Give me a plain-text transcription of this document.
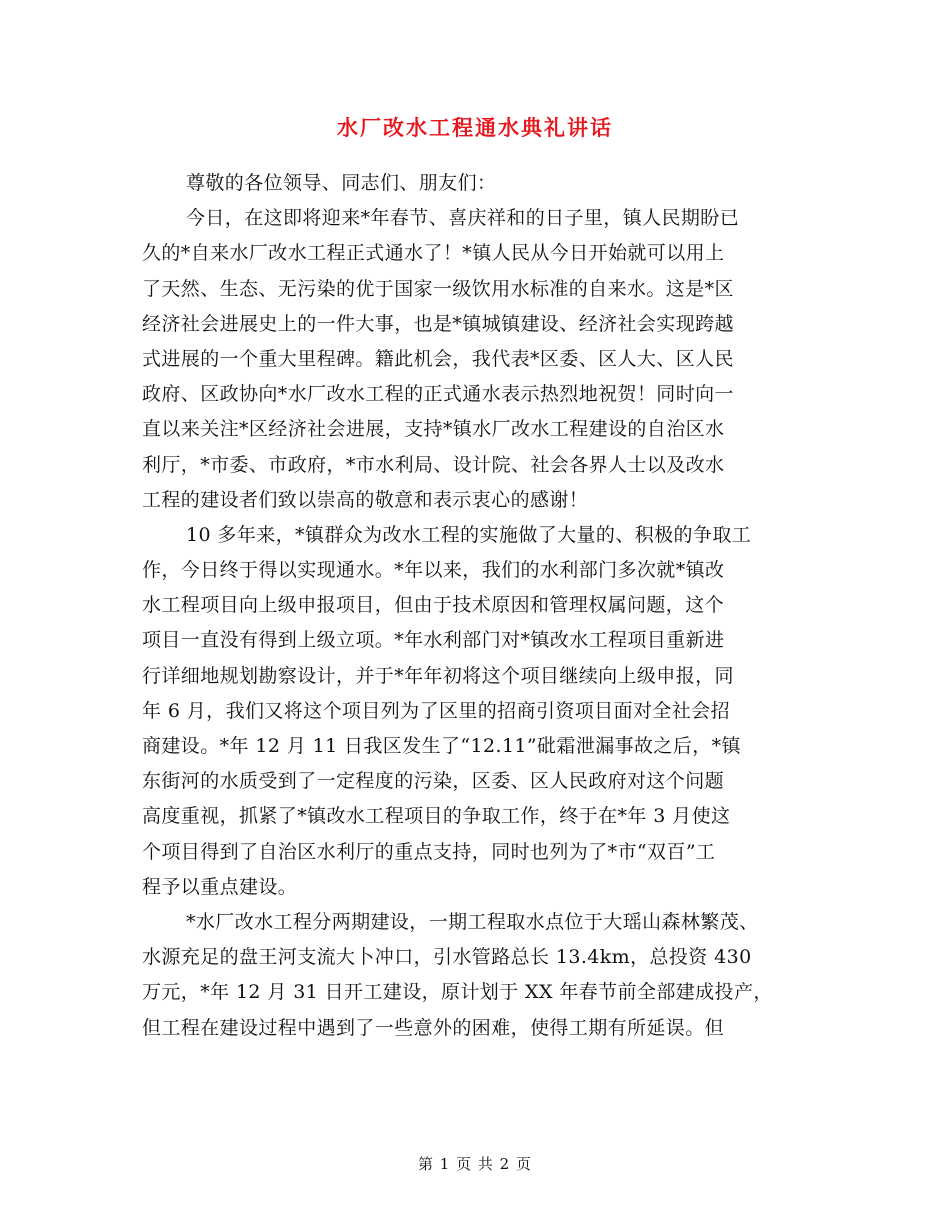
水厂改水工程通水典礼讲话
尊敬的各位领导、同志们、朋友们：
今日，在这即将迎来*年春节、喜庆祥和的日子里，镇人民期盼已
久的*自来水厂改水工程正式通水了！*镇人民从今日开始就可以用上
了天然、生态、无污染的优于国家一级饮用水标准的自来水。这是*区
经济社会进展史上的一件大事，也是*镇城镇建设、经济社会实现跨越
式进展的一个重大里程碑。籍此机会，我代表*区委、区人大、区人民
政府、区政协向*水厂改水工程的正式通水表示热烈地祝贺！同时向一
直以来关注*区经济社会进展，支持*镇水厂改水工程建设的自治区水
利厅，*市委、市政府，*市水利局、设计院、社会各界人士以及改水
工程的建设者们致以崇高的敬意和表示衷心的感谢！
10 多年来，*镇群众为改水工程的实施做了大量的、积极的争取工
作，今日终于得以实现通水。*年以来，我们的水利部门多次就*镇改
水工程项目向上级申报项目，但由于技术原因和管理权属问题，这个
项目一直没有得到上级立项。*年水利部门对*镇改水工程项目重新进
行详细地规划勘察设计，并于*年年初将这个项目继续向上级申报，同
年 6 月，我们又将这个项目列为了区里的招商引资项目面对全社会招
商建设。*年 12 月 11 日我区发生了“12.11”砒霜泄漏事故之后，*镇
东街河的水质受到了一定程度的污染，区委、区人民政府对这个问题
高度重视，抓紧了*镇改水工程项目的争取工作，终于在*年 3 月使这
个项目得到了自治区水利厅的重点支持，同时也列为了*市“双百”工
程予以重点建设。
*水厂改水工程分两期建设，一期工程取水点位于大瑶山森林繁茂、
水源充足的盘王河支流大卜冲口，引水管路总长 13.4km，总投资 430
万元，*年 12 月 31 日开工建设，原计划于 XX 年春节前全部建成投产，
但工程在建设过程中遇到了一些意外的困难，使得工期有所延误。但
第 1 页 共 2 页
